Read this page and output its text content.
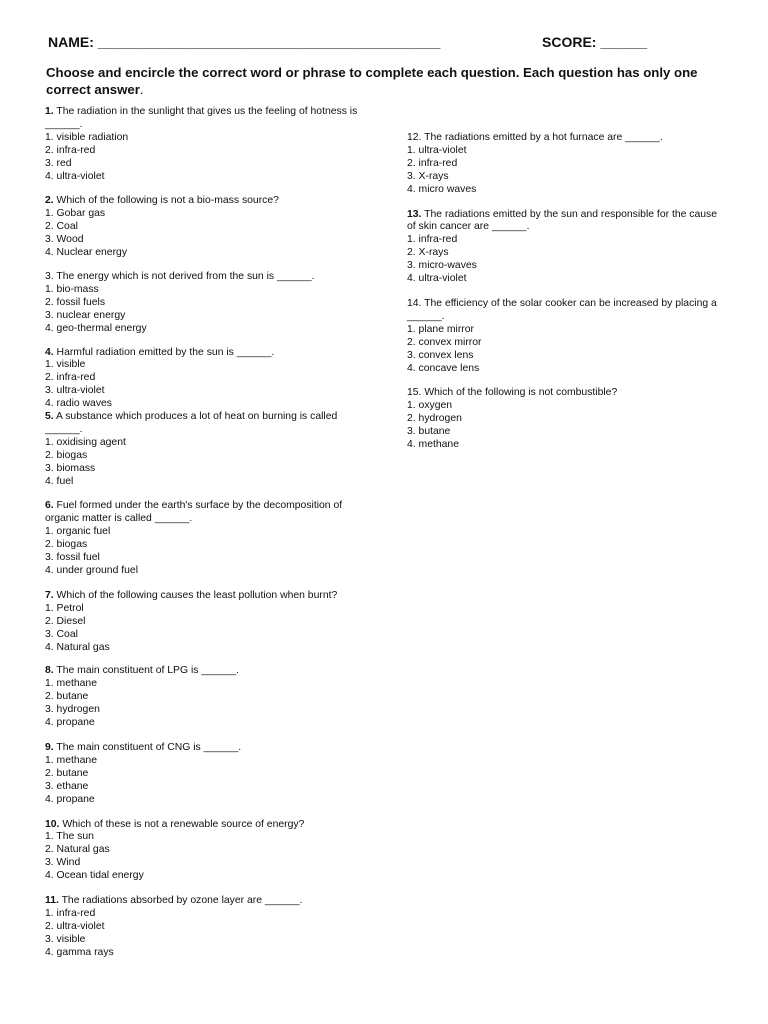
NAME: ____________________________________________	SCORE: ______
Choose and encircle the correct word or phrase to complete each question. Each question has only one correct answer.

1. The radiation in the sunlight that gives us the feeling of hotness is ______.

1. visible radiation
2. infra-red
3. red
4. ultra-violet

2. Which of the following is not a bio-mass source?

1. Gobar gas
2. Coal
3. Wood
4. Nuclear energy

3. The energy which is not derived from the sun is ______.

1. bio-mass
2. fossil fuels
3. nuclear energy
4. geo-thermal energy

4. Harmful radiation emitted by the sun is ______.

1. visible
2. infra-red
3. ultra-violet
4. radio waves

5. A substance which produces a lot of heat on burning is called ______.

1. oxidising agent
2. biogas
3. biomass
4. fuel

6. Fuel formed under the earth's surface by the decomposition of organic matter is called ______.

1. organic fuel
2. biogas
3. fossil fuel
4. under ground fuel

7. Which of the following causes the least pollution when burnt?

1. Petrol
2. Diesel
3. Coal
4. Natural gas

8. The main constituent of LPG is ______.

1. methane
2. butane
3. hydrogen
4. propane

9. The main constituent of CNG is ______.

1. methane
2. butane
3. ethane
4. propane

10. Which of these is not a renewable source of energy?

1. The sun
2. Natural gas
3. Wind
4. Ocean tidal energy

11. The radiations absorbed by ozone layer are ______.

1. infra-red
2. ultra-violet
3. visible
4. gamma rays

12. The radiations emitted by a hot furnace are ______.

1. ultra-violet
2. infra-red
3. X-rays
4. micro waves

13. The radiations emitted by the sun and responsible for the cause of skin cancer are ______.

1. infra-red
2. X-rays
3. micro-waves
4. ultra-violet

14. The efficiency of the solar cooker can be increased by placing a ______.

1. plane mirror
2. convex mirror
3. convex lens
4. concave lens

15. Which of the following is not combustible?

1. oxygen
2. hydrogen
3. butane
4. methane
